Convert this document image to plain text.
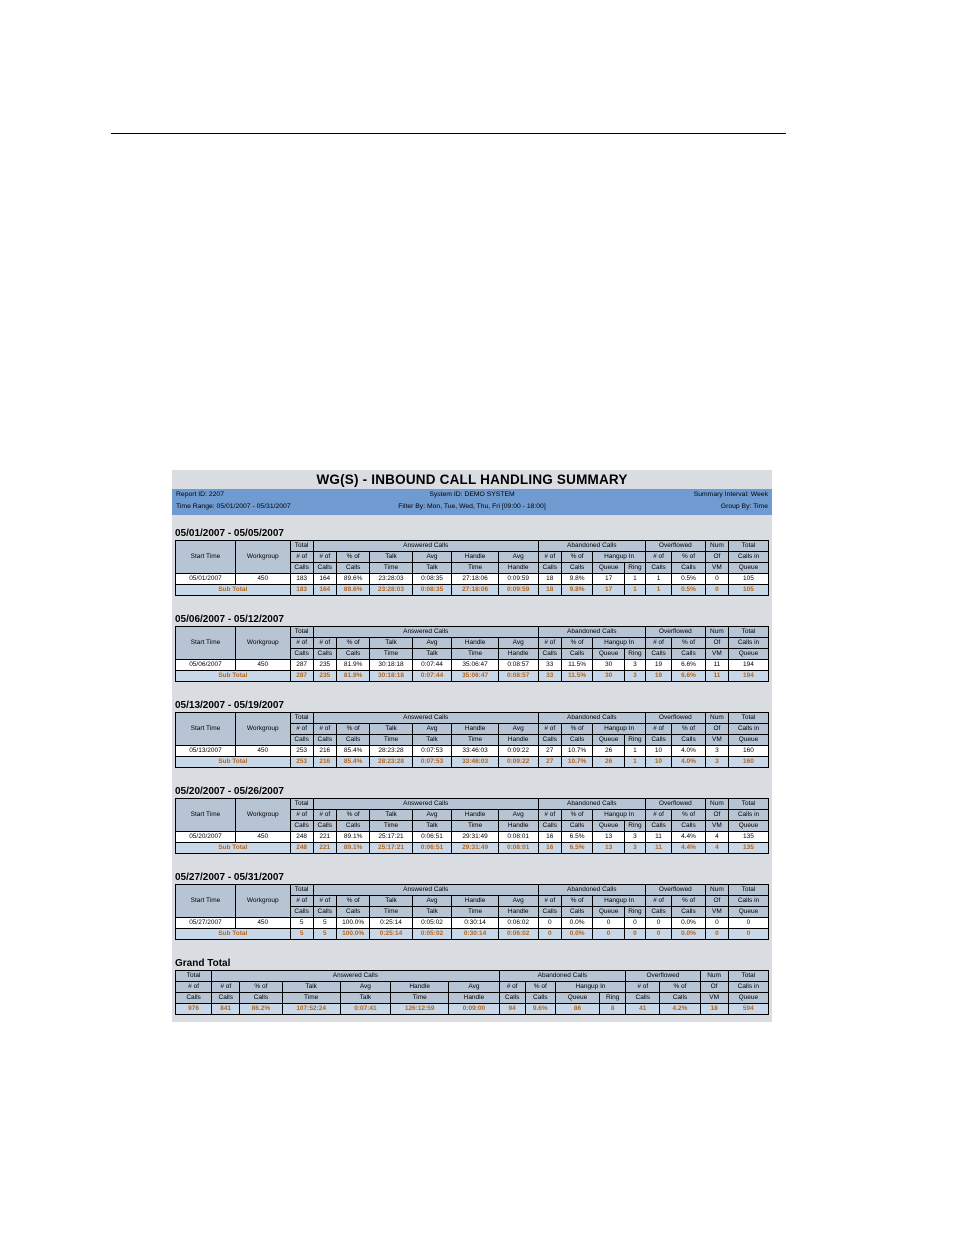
WG(S) - INBOUND CALL HANDLING SUMMARY
Report ID: 2207	System ID: DEMO SYSTEM	Summary Interval: Week
Time Range: 05/01/2007 - 05/31/2007	Filter By: Mon, Tue, Wed, Thu, Fri [09:00 - 18:00]	Group By: Time
05/01/2007 - 05/05/2007
Start Time	Workgroup	Total	Answered Calls						Abandoned Calls				Overflowed		Num	Total
		# of	# of	% of	Talk	Avg	Handle	Avg	# of	% of	Hangup In		# of	% of	Of	Calls in
		Calls	Calls	Calls	Time	Talk	Time	Handle	Calls	Calls	Queue	Ring	Calls	Calls	VM	Queue
05/01/2007	450	183	164	89.6%	23:28:03	0:08:35	27:18:06	0:09:59	18	9.8%	17	1	1	0.5%	0	105
Sub Total		183	164	89.6%	23:28:03	0:08:35	27:18:06	0:09:59	18	9.8%	17	1	1	0.5%	0	105
05/06/2007 - 05/12/2007
Start Time	Workgroup	Total	Answered Calls						Abandoned Calls				Overflowed		Num	Total
		# of	# of	% of	Talk	Avg	Handle	Avg	# of	% of	Hangup In		# of	% of	Of	Calls in
		Calls	Calls	Calls	Time	Talk	Time	Handle	Calls	Calls	Queue	Ring	Calls	Calls	VM	Queue
05/06/2007	450	287	235	81.9%	30:18:18	0:07:44	35:06:47	0:08:57	33	11.5%	30	3	19	6.6%	11	194
Sub Total		287	235	81.9%	30:18:18	0:07:44	35:06:47	0:08:57	33	11.5%	30	3	19	6.6%	11	194
05/13/2007 - 05/19/2007
Start Time	Workgroup	Total	Answered Calls						Abandoned Calls				Overflowed		Num	Total
		# of	# of	% of	Talk	Avg	Handle	Avg	# of	% of	Hangup In		# of	% of	Of	Calls in
		Calls	Calls	Calls	Time	Talk	Time	Handle	Calls	Calls	Queue	Ring	Calls	Calls	VM	Queue
05/13/2007	450	253	216	85.4%	28:23:28	0:07:53	33:46:03	0:09:22	27	10.7%	26	1	10	4.0%	3	160
Sub Total		253	216	85.4%	28:23:28	0:07:53	33:46:03	0:09:22	27	10.7%	26	1	10	4.0%	3	160
05/20/2007 - 05/26/2007
Start Time	Workgroup	Total	Answered Calls						Abandoned Calls				Overflowed		Num	Total
		# of	# of	% of	Talk	Avg	Handle	Avg	# of	% of	Hangup In		# of	% of	Of	Calls in
		Calls	Calls	Calls	Time	Talk	Time	Handle	Calls	Calls	Queue	Ring	Calls	Calls	VM	Queue
05/20/2007	450	248	221	89.1%	25:17:21	0:06:51	29:31:49	0:08:01	16	6.5%	13	3	11	4.4%	4	135
Sub Total		248	221	89.1%	25:17:21	0:06:51	29:31:49	0:08:01	16	6.5%	13	3	11	4.4%	4	135
05/27/2007 - 05/31/2007
Start Time	Workgroup	Total	Answered Calls						Abandoned Calls				Overflowed		Num	Total
		# of	# of	% of	Talk	Avg	Handle	Avg	# of	% of	Hangup In		# of	% of	Of	Calls in
		Calls	Calls	Calls	Time	Talk	Time	Handle	Calls	Calls	Queue	Ring	Calls	Calls	VM	Queue
05/27/2007	450	5	5	100.0%	0:25:14	0:05:02	0:30:14	0:06:02	0	0.0%	0	0	0	0.0%	0	0
Sub Total		5	5	100.0%	0:25:14	0:05:02	0:30:14	0:06:02	0	0.0%	0	0	0	0.0%	0	0
Grand Total
Total	Answered Calls						Abandoned Calls				Overflowed		Num	Total
# of	# of	% of	Talk	Avg	Handle	Avg	# of	% of	Hangup In		# of	% of	Of	Calls in
Calls	Calls	Calls	Time	Talk	Time	Handle	Calls	Calls	Queue	Ring	Calls	Calls	VM	Queue
976	841	86.2%	107:52:24	0:07:41	126:12:59	0:09:00	94	9.6%	86	8	41	4.2%	18	594
